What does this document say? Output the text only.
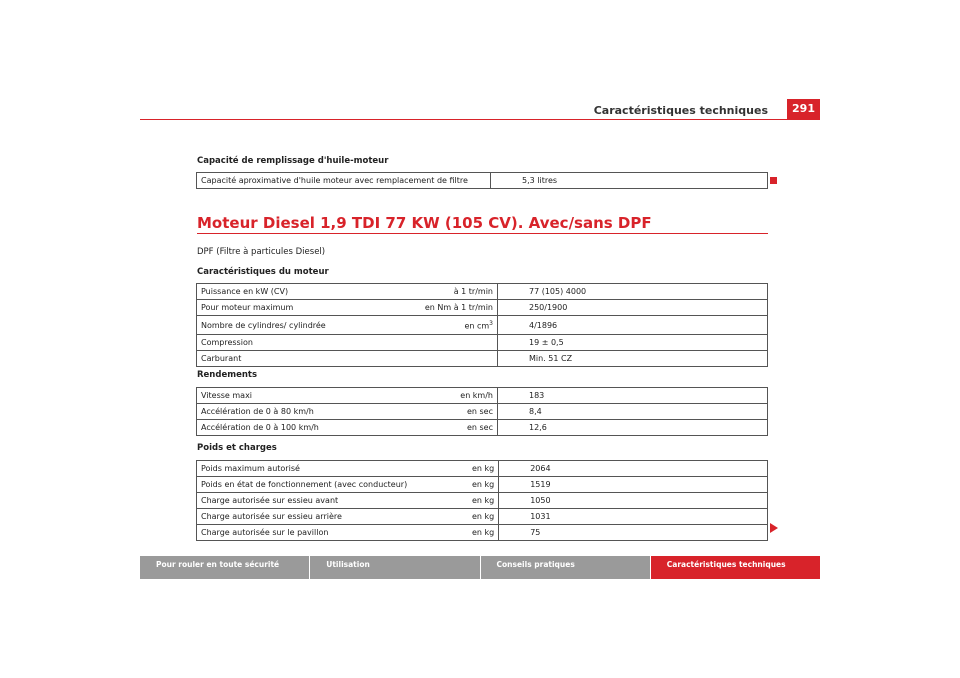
Caractéristiques techniques	291
Capacité de remplissage d'huile-moteur
Capacité aproximative d'huile moteur avec remplacement de filtre	5,3 litres
Moteur Diesel 1,9 TDI 77 KW (105 CV). Avec/sans DPF
DPF (Filtre à particules Diesel)
Caractéristiques du moteur
Puissance en kW (CV)	à 1 tr/min	77 (105) 4000
Pour moteur maximum	en Nm à 1 tr/min	250/1900
Nombre de cylindres/ cylindrée	en $cm^3$	4/1896
Compression		19 ± 0,5
Carburant		Min. 51 CZ
Rendements
Vitesse maxi	en km/h	183
Accélération de 0 à 80 km/h	en sec	8,4
Accélération de 0 à 100 km/h	en sec	12,6
Poids et charges
Poids maximum autorisé	en kg	2064
Poids en état de fonctionnement (avec conducteur)	en kg	1519
Charge autorisée sur essieu avant	en kg	1050
Charge autorisée sur essieu arrière	en kg	1031
Charge autorisée sur le pavillon	en kg	75
Pour rouler en toute sécurité	Utilisation	Conseils pratiques	Caractéristiques techniques
